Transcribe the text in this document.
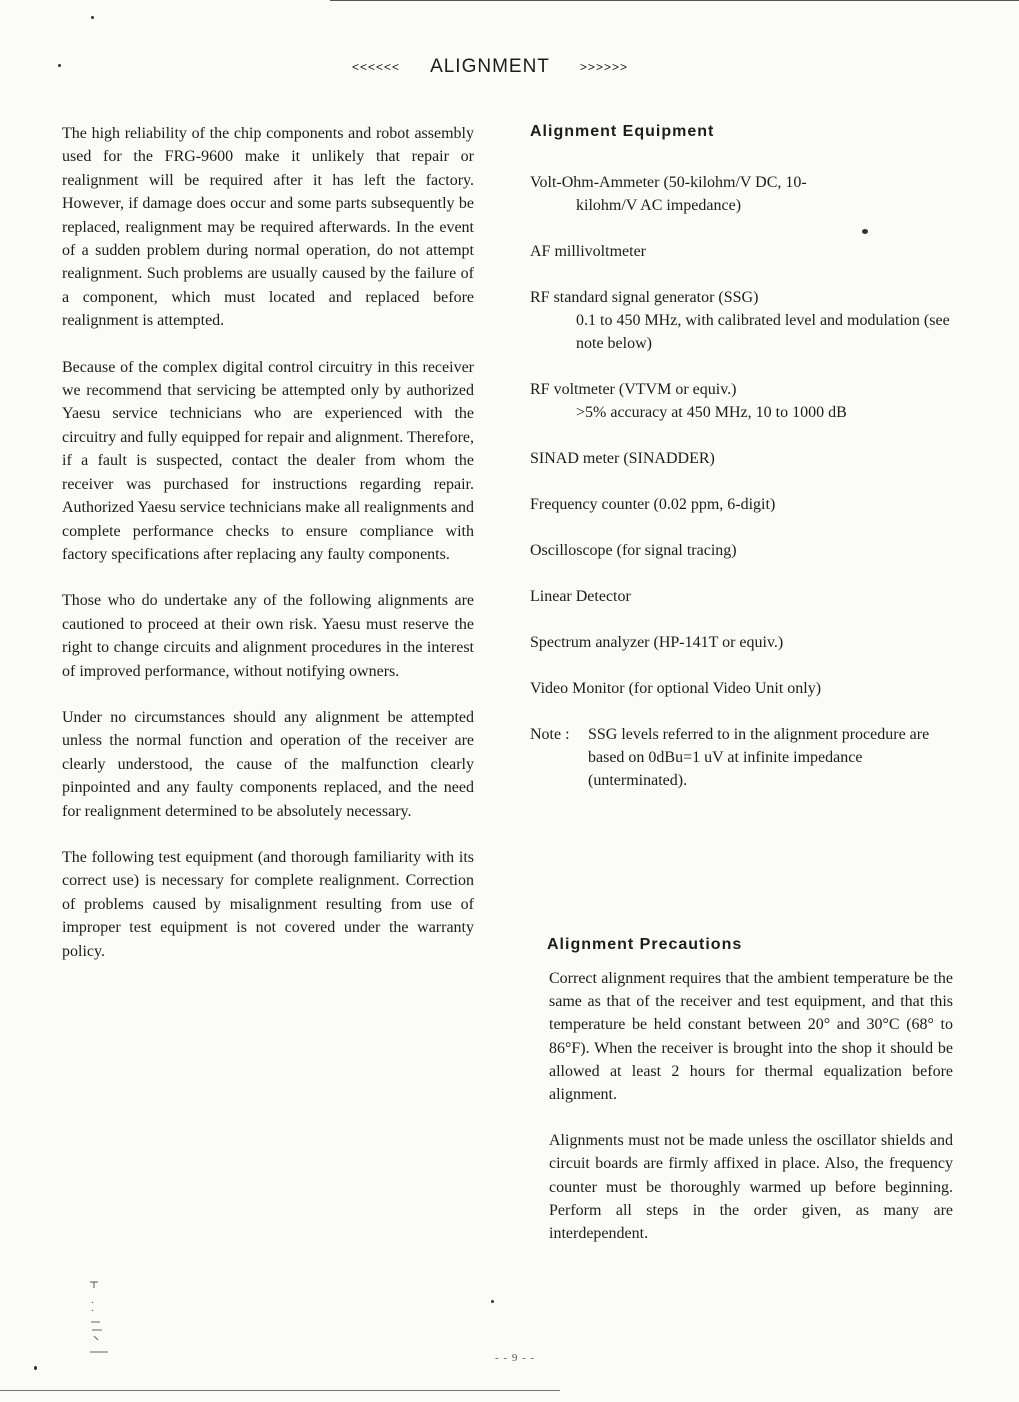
<<<<<< ALIGNMENT	>>>>>>

The high reliability of the chip components and robot assembly used for the FRG-9600 make it unlikely that repair or realignment will be required after it has left the factory. However, if damage does occur and some parts subsequently be replaced, realignment may be required afterwards. In the event of a sudden problem during normal operation, do not attempt realignment. Such problems are usually caused by the failure of a component, which must located and replaced before realignment is attempted.

Because of the complex digital control circuitry in this receiver we recommend that servicing be attempted only by authorized Yaesu service technicians who are experienced with the circuitry and fully equipped for repair and alignment. Therefore, if a fault is suspected, contact the dealer from whom the receiver was purchased for instructions regarding repair. Authorized Yaesu service technicians make all realignments and complete performance checks to ensure compliance with factory specifications after replacing any faulty components.

Those who do undertake any of the following alignments are cautioned to proceed at their own risk. Yaesu must reserve the right to change circuits and alignment procedures in the interest of improved performance, without notifying owners.

Under no circumstances should any alignment be attempted unless the normal function and operation of the receiver are clearly understood, the cause of the malfunction clearly pinpointed and any faulty components replaced, and the need for realignment determined to be absolutely necessary.

The following test equipment (and thorough familiarity with its correct use) is necessary for complete realignment. Correction of problems caused by misalignment resulting from use of improper test equipment is not covered under the warranty policy.

Alignment Equipment
Volt-Ohm-Ammeter (50-kilohm/V DC, 10-
kilohm/V AC impedance)
AF millivoltmeter
RF standard signal generator (SSG)
0.1 to 450 MHz, with calibrated level and modulation (see note below)
RF voltmeter (VTVM or equiv.)
>5% accuracy at 450 MHz, 10 to 1000 dB
SINAD meter (SINADDER)
Frequency counter (0.02 ppm, 6-digit)
Oscilloscope (for signal tracing)
Linear Detector
Spectrum analyzer (HP-141T or equiv.)
Video Monitor (for optional Video Unit only)
Note :	SSG levels referred to in the alignment procedure are based on 0dBu=1 uV at infinite impedance (unterminated).
Alignment Precautions

Correct alignment requires that the ambient temperature be the same as that of the receiver and test equipment, and that this temperature be held constant between 20° and 30°C (68° to 86°F). When the receiver is brought into the shop it should be allowed at least 2 hours for thermal equalization before alignment.

Alignments must not be made unless the oscillator shields and circuit boards are firmly affixed in place. Also, the frequency counter must be thoroughly warmed up before beginning. Perform all steps in the order given, as many are interdependent.

- - 9 - -
